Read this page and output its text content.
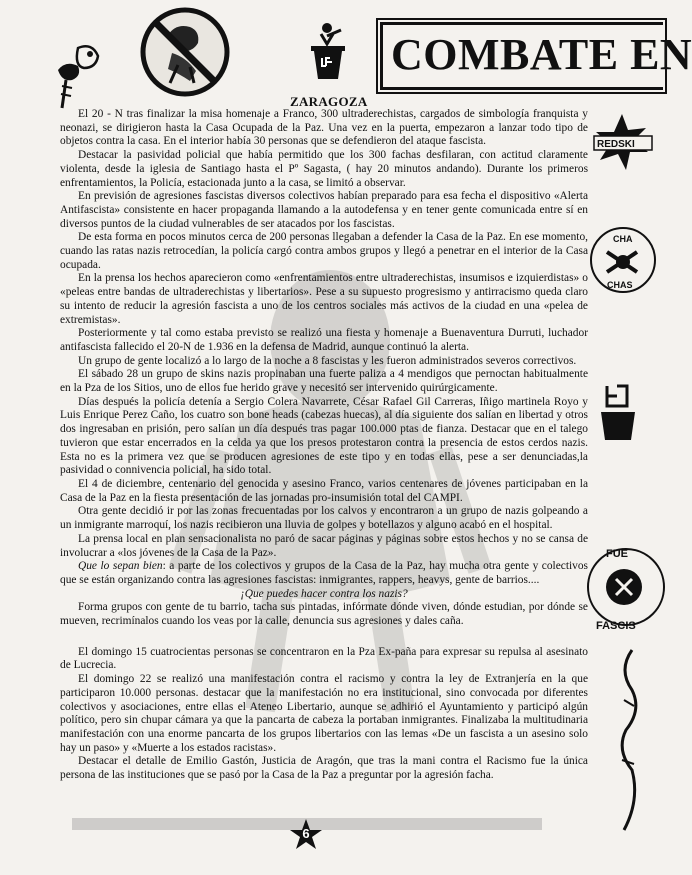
COMBATE EN
REDSKI
CHA
CHAS
FUE
FASCIS
ZARAGOZA

El 20 - N tras finalizar la misa homenaje a Franco, 300 ultraderechistas, cargados de simbología franquista y neonazi, se dirigieron hasta la Casa Ocupada de la Paz. Una vez en la puerta, empezaron a lanzar todo tipo de objetos contra la casa. En el interior había 30 personas que se defendieron del ataque fascista.

Destacar la pasividad policial que había permitido que los 300 fachas desfilaran, con actitud claramente violenta, desde la iglesia de Santiago hasta el Pº Sagasta, ( hay 20 minutos andando). Durante los primeros enfrentamientos, la Policía, estacionada junto a la casa, se limitó a observar.

En previsión de agresiones fascistas diversos colectivos habían preparado para esa fecha el dispositivo «Alerta Antifascista» consistente en hacer propaganda llamando a la autodefensa y en tener gente comunicada entre sí en diversos puntos de la ciudad vulnerables de ser atacados por los fascistas.

De esta forma en pocos minutos cerca de 200 personas llegaban a defender la Casa de la Paz. En ese momento, cuando las ratas nazis retrocedían, la policía cargó contra ambos grupos y llegó a penetrar en el interior de la Casa ocupada.

En la prensa los hechos aparecieron como «enfrentamientos entre ultraderechistas, insumisos e izquierdistas» o «peleas entre bandas de ultraderechistas y libertarios». Pese a su supuesto progresismo y antirracismo queda claro su intento de reducir la agresión fascista a uno de los centros sociales más activos de la ciudad en una «pelea de extremistas».

Posteriormente y tal como estaba previsto se realizó una fiesta y homenaje a Buenaventura Durruti, luchador antifascista fallecido el 20-N de 1.936 en la defensa de Madrid, aunque continuó la alerta.

Un grupo de gente localizó a lo largo de la noche a 8 fascistas y les fueron administrados severos correctivos.

El sábado 28 un grupo de skins nazis propinaban una fuerte paliza a 4 mendigos que pernoctan habitualmente en la Pza de los Sitios, uno de ellos fue herido grave y necesitó ser intervenido quirúrgicamente.

Días después la policía detenía a Sergio Colera Navarrete, César Rafael Gil Carreras, Iñigo martinela Royo y Luis Enrique Perez Caño, los cuatro son bone heads (cabezas huecas), al día siguiente dos salían en libertad y otros dos ingresaban en prisión, pero salían un día después tras pagar 100.000 ptas de fianza. Destacar que en el talego tuvieron que estar encerrados en la celda ya que los presos protestaron contra la presencia de estos cerdos nazis. Esta no es la primera vez que se producen agresiones de este tipo y en todas ellas, pese a ser denunciadas,la pasividad o connivencia policial, ha sido total.

El 4 de diciembre, centenario del genocida y asesino Franco, varios centenares de jóvenes participaban en la Casa de la Paz en la fiesta presentación de las jornadas pro-insumisión total del CAMPI.

Otra gente decidió ir por las zonas frecuentadas por los calvos y encontraron a un grupo de nazis golpeando a un inmigrante marroquí, los nazis recibieron una lluvia de golpes y botellazos y alguno acabó en el hospital.

La prensa local en plan sensacionalista no paró de sacar páginas y páginas sobre estos hechos y no se cansa de involucrar a «los jóvenes de la Casa de la Paz».

Que lo sepan bien: a parte de los colectivos y grupos de la Casa de la Paz, hay mucha otra gente y colectivos que se están organizando contra las agresiones fascistas: inmigrantes, rappers, heavys, gente de barrios....

¡Que puedes hacer contra los nazis?

Forma grupos con gente de tu barrio, tacha sus pintadas, infórmate dónde viven, dónde estudian, por dónde se mueven, recrimínalos cuando los veas por la calle, denuncia sus agresiones y dales caña.

El domingo 15 cuatrocientas personas se concentraron en la Pza Ex-paña para expresar su repulsa al asesinato de Lucrecia.

El domingo 22 se realizó una manifestación contra el racismo y contra la ley de Extranjería en la que participaron 10.000 personas. destacar que la manifestación no era institucional, sino convocada por diferentes colectivos y asociaciones, entre ellas el Ateneo Libertario, aunque se adhirió el Ayuntamiento y participó algún político, pero sin chupar cámara ya que la pancarta de cabeza la portaban inmigrantes. Finalizaba la multitudinaria manifestación con una enorme pancarta de los grupos libertarios con las lemas «De un fascista a un asesino solo hay un paso» y «Muerte a los estados racistas».

Destacar el detalle de Emilio Gastón, Justicia de Aragón, que tras la mani contra el Racismo fue la única persona de las instituciones que se pasó por la Casa de la Paz a preguntar por la agresión facha.

6
